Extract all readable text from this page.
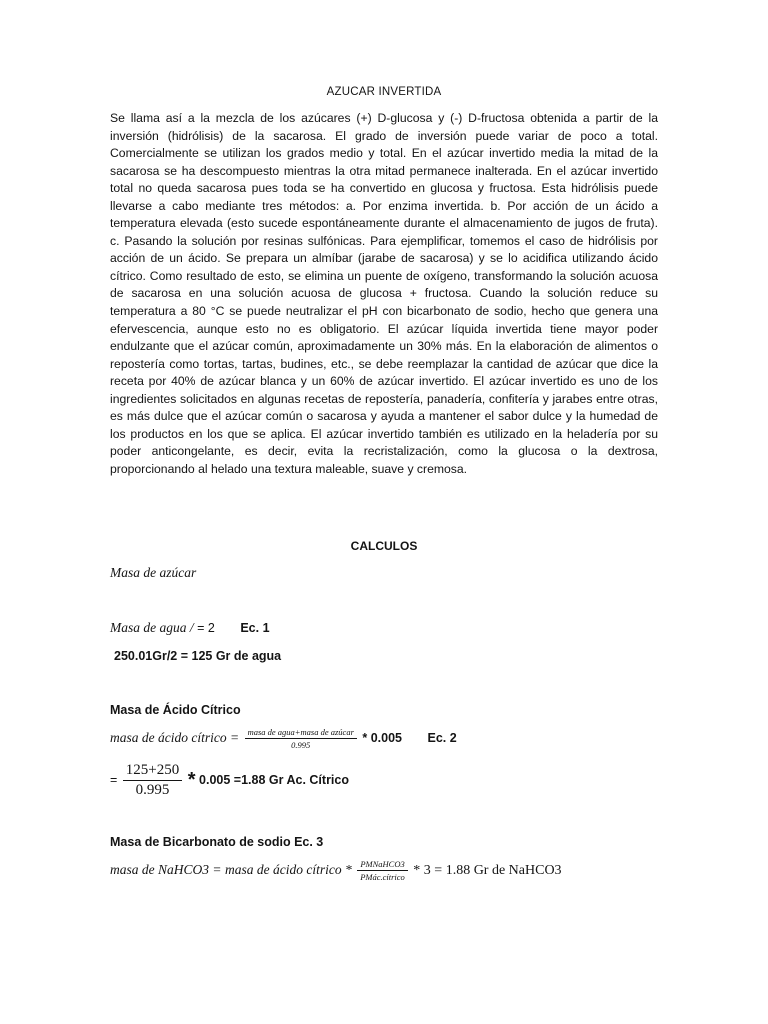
AZUCAR INVERTIDA
Se llama así a la mezcla de los azúcares (+) D-glucosa y (-) D-fructosa obtenida a partir de la inversión (hidrólisis) de la sacarosa. El grado de inversión puede variar de poco a total. Comercialmente se utilizan los grados medio y total. En el azúcar invertido media la mitad de la sacarosa se ha descompuesto mientras la otra mitad permanece inalterada. En el azúcar invertido total no queda sacarosa pues toda se ha convertido en glucosa y fructosa. Esta hidrólisis puede llevarse a cabo mediante tres métodos: a. Por enzima invertida. b. Por acción de un ácido a temperatura elevada (esto sucede espontáneamente durante el almacenamiento de jugos de fruta). c. Pasando la solución por resinas sulfónicas. Para ejemplificar, tomemos el caso de hidrólisis por acción de un ácido. Se prepara un almíbar (jarabe de sacarosa) y se lo acidifica utilizando ácido cítrico. Como resultado de esto, se elimina un puente de oxígeno, transformando la solución acuosa de sacarosa en una solución acuosa de glucosa + fructosa. Cuando la solución reduce su temperatura a 80 °C se puede neutralizar el pH con bicarbonato de sodio, hecho que genera una efervescencia, aunque esto no es obligatorio. El azúcar líquida invertida tiene mayor poder endulzante que el azúcar común, aproximadamente un 30% más. En la elaboración de alimentos o repostería como tortas, tartas, budines, etc., se debe reemplazar la cantidad de azúcar que dice la receta por 40% de azúcar blanca y un 60% de azúcar invertido. El azúcar invertido es uno de los ingredientes solicitados en algunas recetas de repostería, panadería, confitería y jarabes entre otras, es más dulce que el azúcar común o sacarosa y ayuda a mantener el sabor dulce y la humedad de los productos en los que se aplica. El azúcar invertido también es utilizado en la heladería por su poder anticongelante, es decir, evita la recristalización, como la glucosa o la dextrosa, proporcionando al helado una textura maleable, suave y cremosa.
CALCULOS
Masa de azúcar
Masa de agua / = 2 Ec. 1
250.01Gr/2 = 125 Gr de agua
Masa de Ácido Cítrico
masa de ácido cítrico = $\frac{\text{masa de agua+masa de azúcar}}{0.995} * 0.005$ Ec. 2
= $\frac{125+250}{0.995} * 0.005 =1.88$ Gr Ac. Cítrico
Masa de Bicarbonato de sodio Ec. 3
masa de NaHCO3 = masa de ácido cítrico * $\frac{\text{PMNaHCO3}}{\text{PMác.cítrico}} * 3 = 1.88$ Gr de NaHCO3
